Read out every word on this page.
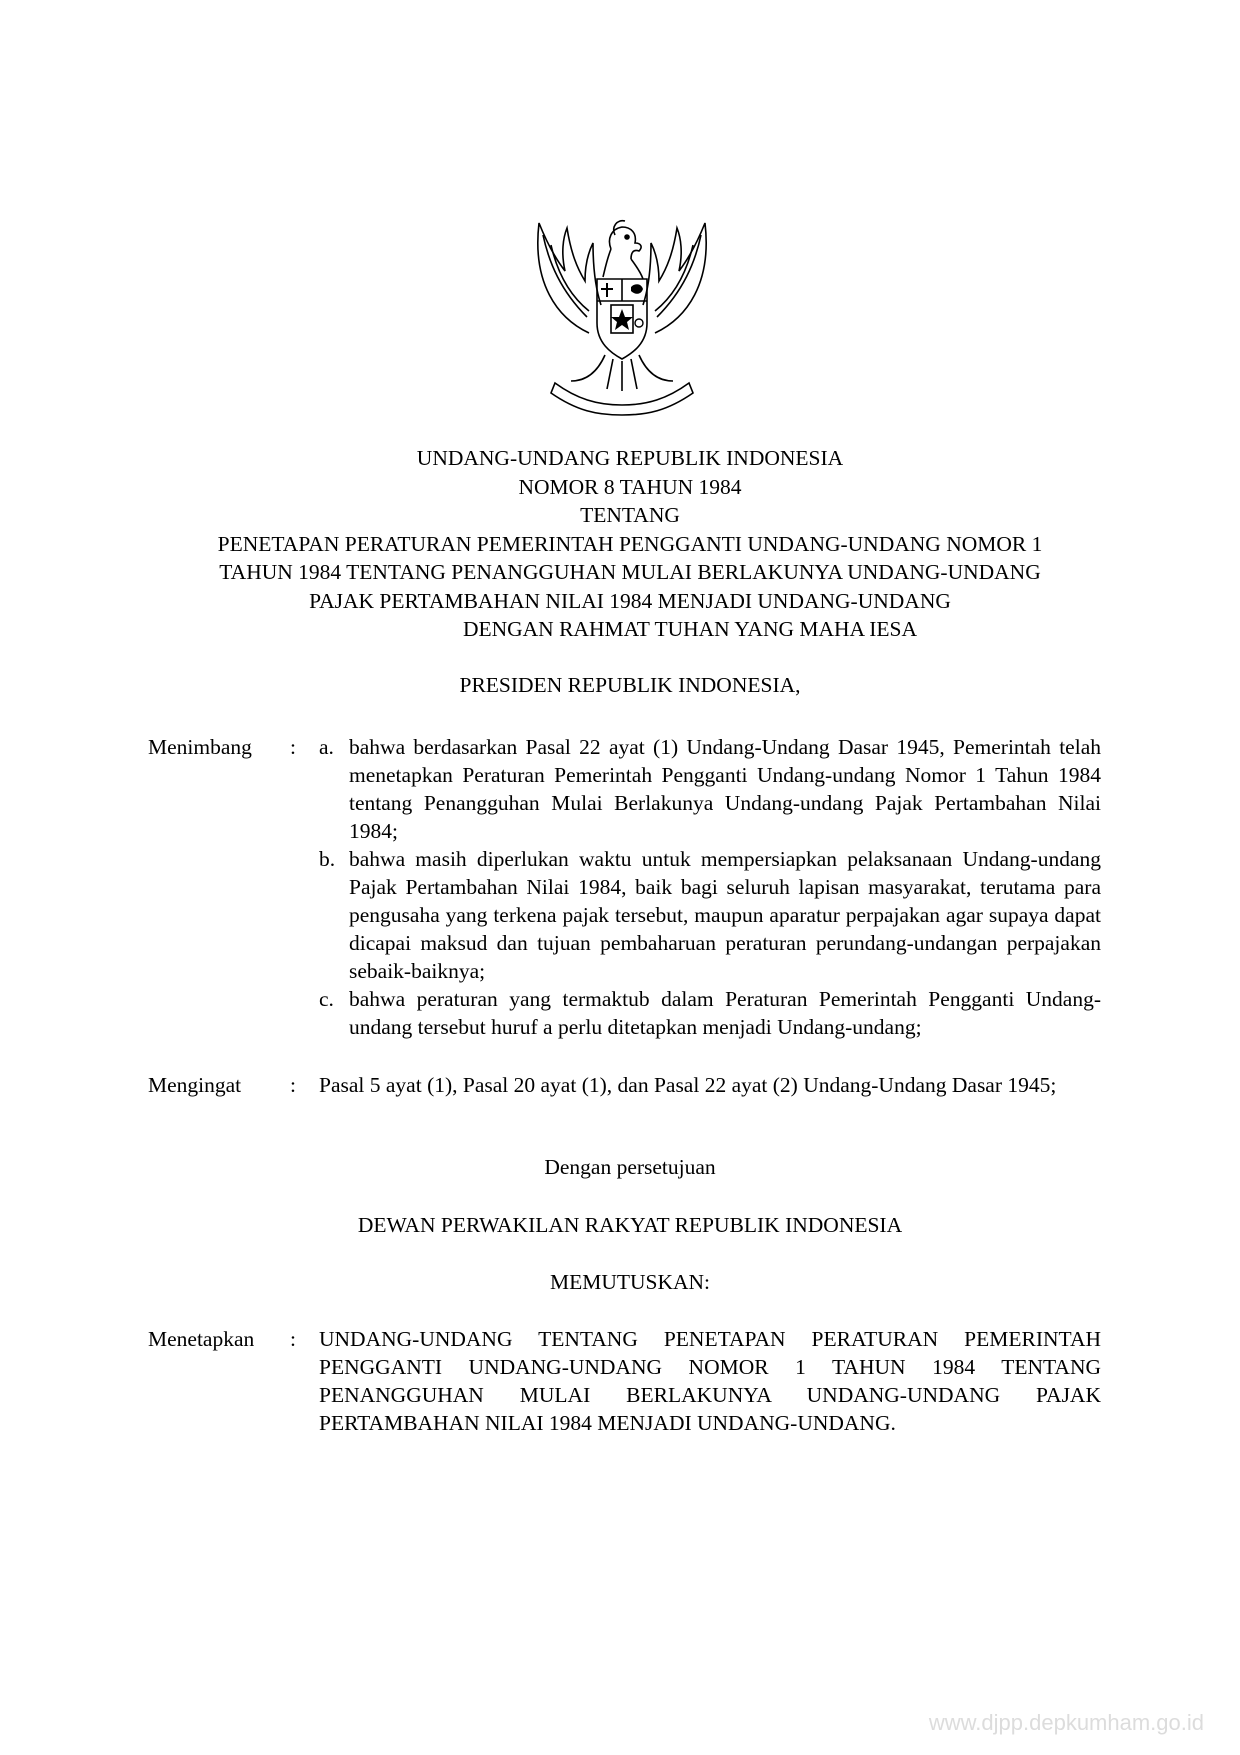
UNDANG-UNDANG REPUBLIK INDONESIA
NOMOR 8 TAHUN 1984
TENTANG
PENETAPAN PERATURAN PEMERINTAH PENGGANTI UNDANG-UNDANG NOMOR 1
TAHUN 1984 TENTANG PENANGGUHAN MULAI BERLAKUNYA UNDANG-UNDANG
PAJAK PERTAMBAHAN NILAI 1984 MENJADI UNDANG-UNDANG
DENGAN RAHMAT TUHAN YANG MAHA IESA
PRESIDEN REPUBLIK INDONESIA,
Menimbang : a. bahwa berdasarkan Pasal 22 ayat (1) Undang-Undang Dasar 1945, Pemerintah telah menetapkan Peraturan Pemerintah Pengganti Undang-undang Nomor 1 Tahun 1984 tentang Penangguhan Mulai Berlakunya Undang-undang Pajak Pertambahan Nilai 1984;
b. bahwa masih diperlukan waktu untuk mempersiapkan pelaksanaan Undang-undang Pajak Pertambahan Nilai 1984, baik bagi seluruh lapisan masyarakat, terutama para pengusaha yang terkena pajak tersebut, maupun aparatur perpajakan agar supaya dapat dicapai maksud dan tujuan pembaharuan peraturan perundang-undangan perpajakan sebaik-baiknya;
c. bahwa peraturan yang termaktub dalam Peraturan Pemerintah Pengganti Undang-undang tersebut huruf a perlu ditetapkan menjadi Undang-undang;
Mengingat : Pasal 5 ayat (1), Pasal 20 ayat (1), dan Pasal 22 ayat (2) Undang-Undang Dasar 1945;
Dengan persetujuan
DEWAN PERWAKILAN RAKYAT REPUBLIK INDONESIA
MEMUTUSKAN:
Menetapkan : UNDANG-UNDANG TENTANG PENETAPAN PERATURAN PEMERINTAH PENGGANTI UNDANG-UNDANG NOMOR 1 TAHUN 1984 TENTANG PENANGGUHAN MULAI BERLAKUNYA UNDANG-UNDANG PAJAK PERTAMBAHAN NILAI 1984 MENJADI UNDANG-UNDANG.
www.djpp.depkumham.go.id
